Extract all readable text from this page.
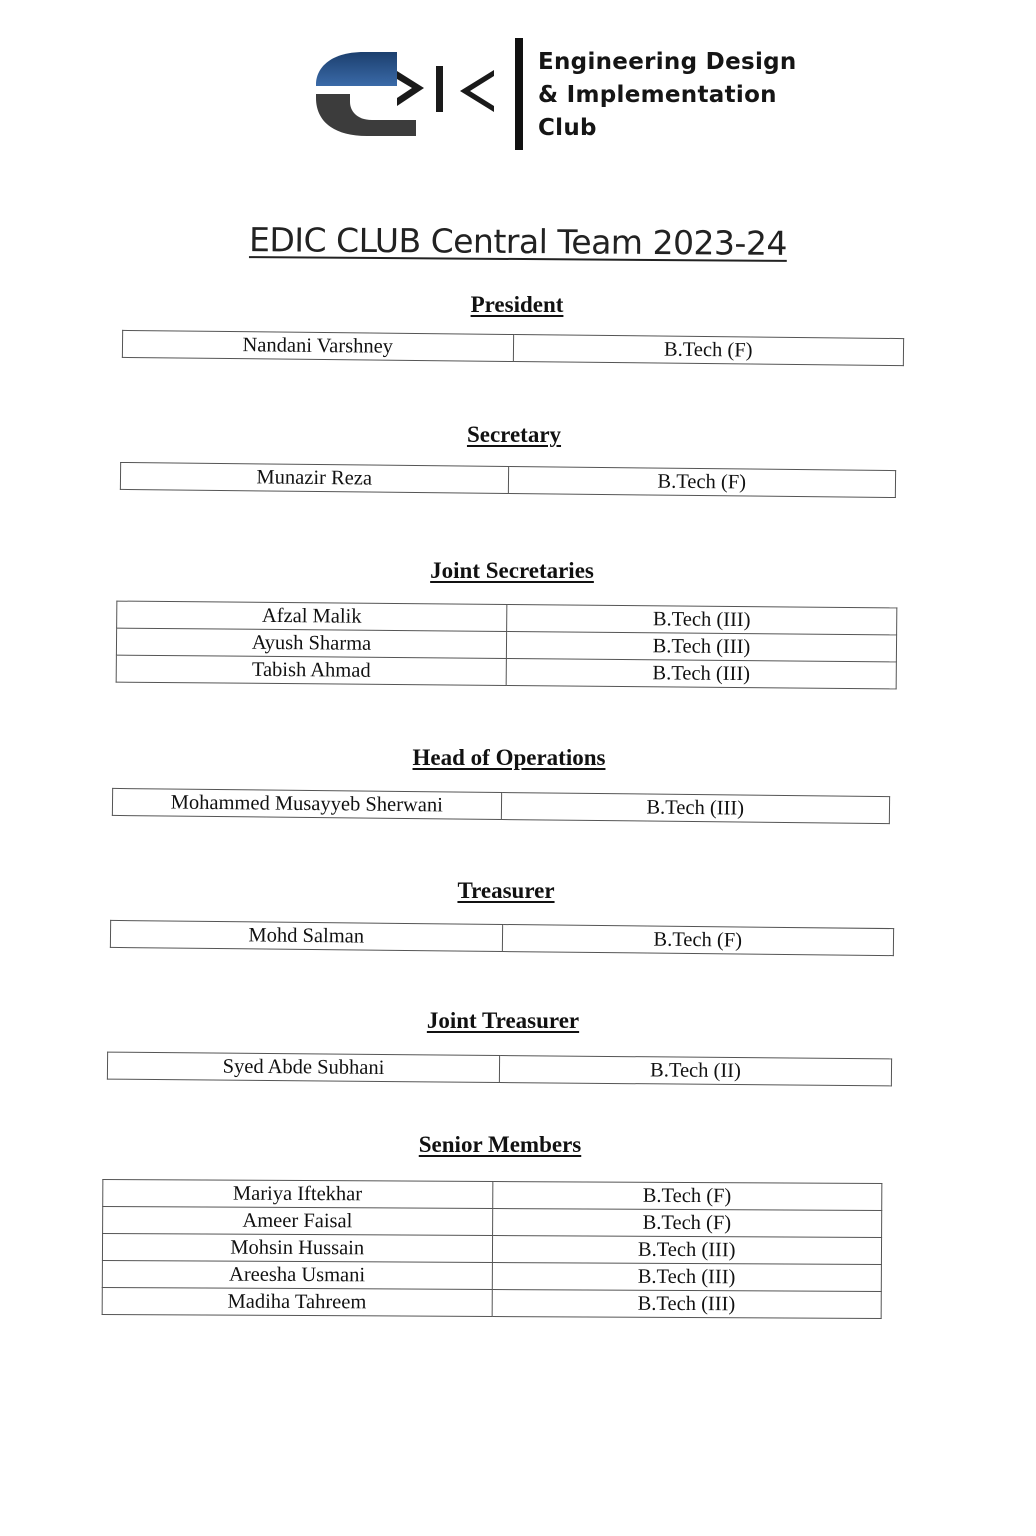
Engineering Design
& Implementation
Club
EDIC CLUB Central Team 2023-24
President
Nandani Varshney	B.Tech (F)
Secretary
Munazir Reza	B.Tech (F)
Joint Secretaries
Afzal Malik	B.Tech (III)
Ayush Sharma	B.Tech (III)
Tabish Ahmad	B.Tech (III)
Head of Operations
Mohammed Musayyeb Sherwani	B.Tech (III)
Treasurer
Mohd Salman	B.Tech (F)
Joint Treasurer
Syed Abde Subhani	B.Tech (II)
Senior Members
Mariya Iftekhar	B.Tech (F)
Ameer Faisal	B.Tech (F)
Mohsin Hussain	B.Tech (III)
Areesha Usmani	B.Tech (III)
Madiha Tahreem	B.Tech (III)
